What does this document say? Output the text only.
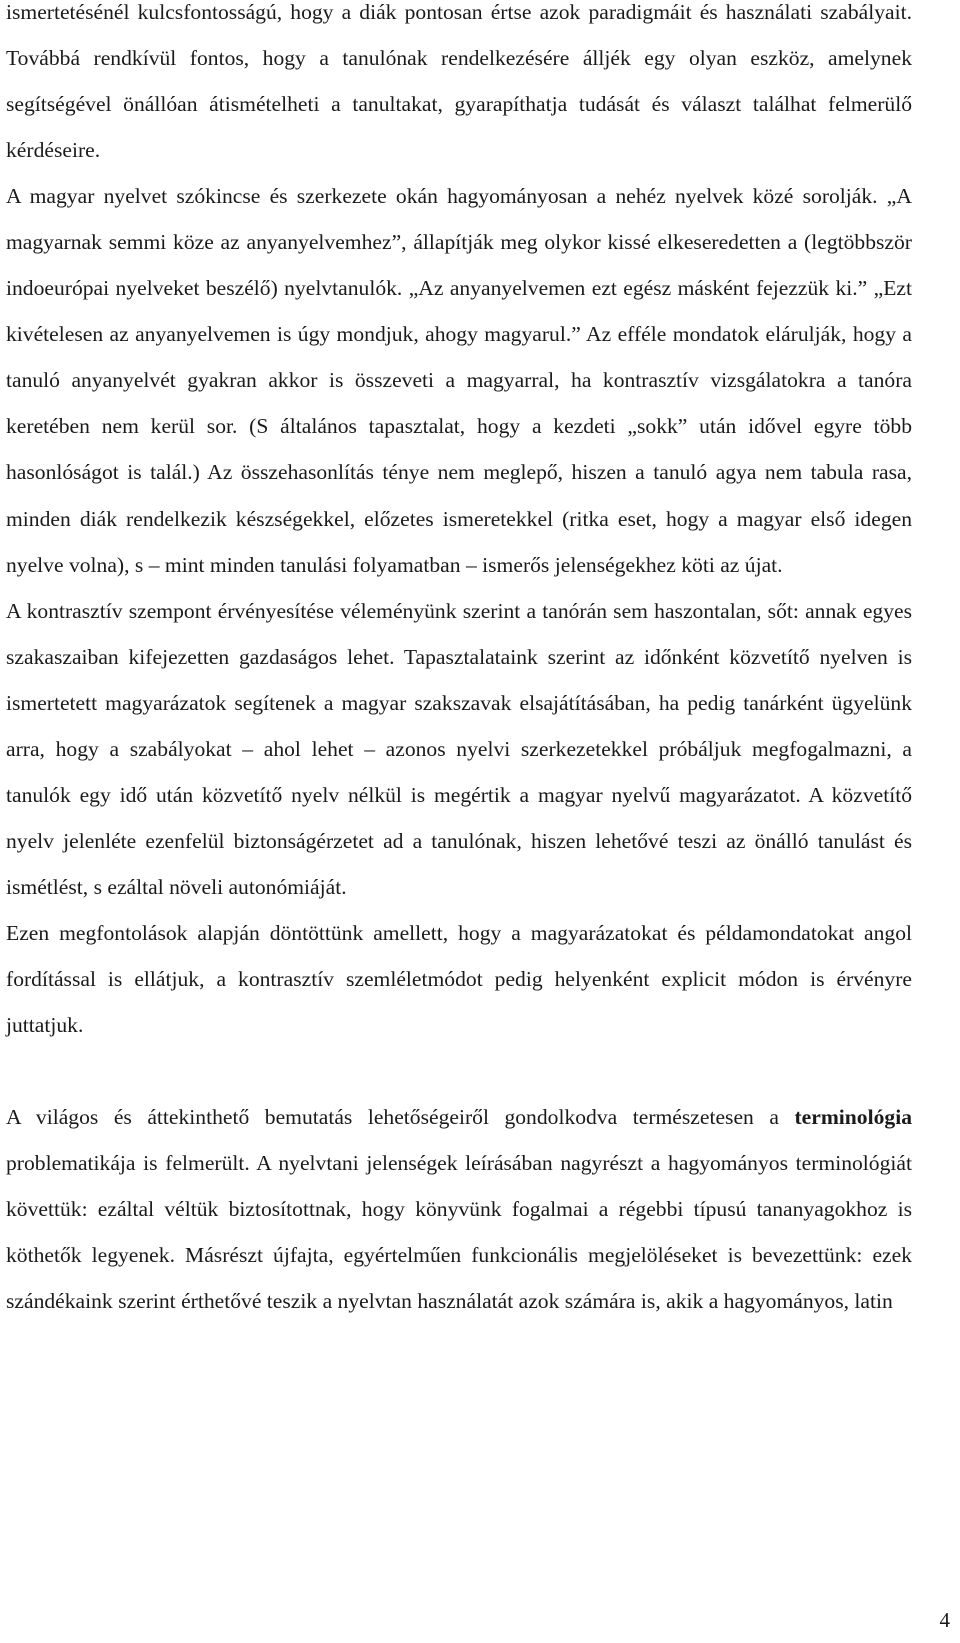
ismertetésénél kulcsfontosságú, hogy a diák pontosan értse azok paradigmáit és használati szabályait. Továbbá rendkívül fontos, hogy a tanulónak rendelkezésére álljék egy olyan eszköz, amelynek segítségével önállóan átismételheti a tanultakat, gyarapíthatja tudását és választ találhat felmerülő kérdéseire.

A magyar nyelvet szókincse és szerkezete okán hagyományosan a nehéz nyelvek közé sorolják. „A magyarnak semmi köze az anyanyelvemhez”, állapítják meg olykor kissé elkeseredetten a (legtöbbször indoeurópai nyelveket beszélő) nyelvtanulók. „Az anyanyelvemen ezt egész másként fejezzük ki.” „Ezt kivételesen az anyanyelvemen is úgy mondjuk, ahogy magyarul.” Az efféle mondatok elárulják, hogy a tanuló anyanyelvét gyakran akkor is összeveti a magyarral, ha kontrasztív vizsgálatokra a tanóra keretében nem kerül sor. (S általános tapasztalat, hogy a kezdeti „sokk” után idővel egyre több hasonlóságot is talál.) Az összehasonlítás ténye nem meglepő, hiszen a tanuló agya nem tabula rasa, minden diák rendelkezik készségekkel, előzetes ismeretekkel (ritka eset, hogy a magyar első idegen nyelve volna), s – mint minden tanulási folyamatban – ismerős jelenségekhez köti az újat.

A kontrasztív szempont érvényesítése véleményünk szerint a tanórán sem haszontalan, sőt: annak egyes szakaszaiban kifejezetten gazdaságos lehet. Tapasztalataink szerint az időnként közvetítő nyelven is ismertetett magyarázatok segítenek a magyar szakszavak elsajátításában, ha pedig tanárként ügyelünk arra, hogy a szabályokat – ahol lehet – azonos nyelvi szerkezetekkel próbáljuk megfogalmazni, a tanulók egy idő után közvetítő nyelv nélkül is megértik a magyar nyelvű magyarázatot. A közvetítő nyelv jelenléte ezenfelül biztonságérzetet ad a tanulónak, hiszen lehetővé teszi az önálló tanulást és ismétlést, s ezáltal növeli autonómiáját.

Ezen megfontolások alapján döntöttünk amellett, hogy a magyarázatokat és példamondatokat angol fordítással is ellátjuk, a kontrasztív szemléletmódot pedig helyenként explicit módon is érvényre juttatjuk.

A világos és áttekinthető bemutatás lehetőségeiről gondolkodva természetesen a terminológia problematikája is felmerült. A nyelvtani jelenségek leírásában nagyrészt a hagyományos terminológiát követtük: ezáltal véltük biztosítottnak, hogy könyvünk fogalmai a régebbi típusú tananyagokhoz is köthetők legyenek. Másrészt újfajta, egyértelműen funkcionális megjelöléseket is bevezettünk: ezek szándékaink szerint érthetővé teszik a nyelvtan használatát azok számára is, akik a hagyományos, latin

4
